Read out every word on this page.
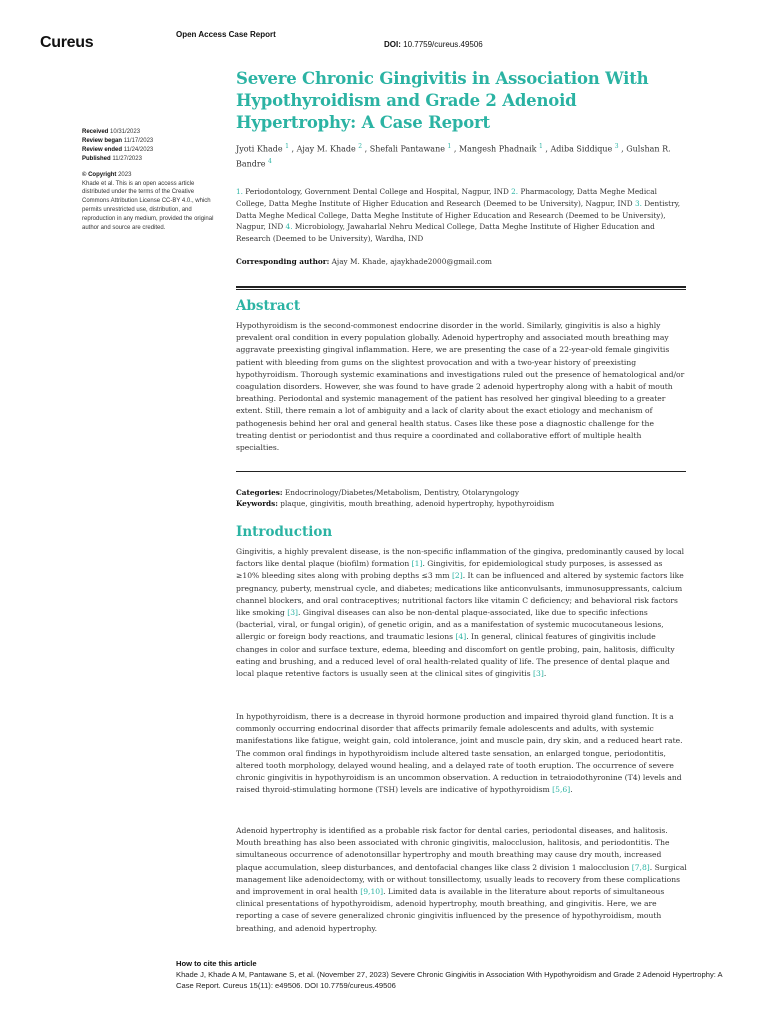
Cureus	Open Access Case Report
DOI: 10.7759/cureus.49506
Received 10/31/2023
Review began 11/17/2023
Review ended 11/24/2023
Published 11/27/2023
© Copyright 2023
Khade et al. This is an open access article distributed under the terms of the Creative Commons Attribution License CC-BY 4.0., which permits unrestricted use, distribution, and reproduction in any medium, provided the original author and source are credited.
Severe Chronic Gingivitis in Association With Hypothyroidism and Grade 2 Adenoid Hypertrophy: A Case Report
Jyoti Khade $^1$ , Ajay M. Khade $^2$ , Shefali Pantawane $^1$ , Mangesh Phadnaik $^1$ , Adiba Siddique $^3$ , Gulshan R. Bandre $^4$
1. Periodontology, Government Dental College and Hospital, Nagpur, IND 2. Pharmacology, Datta Meghe Medical College, Datta Meghe Institute of Higher Education and Research (Deemed to be University), Nagpur, IND 3. Dentistry, Datta Meghe Medical College, Datta Meghe Institute of Higher Education and Research (Deemed to be University), Nagpur, IND 4. Microbiology, Jawaharlal Nehru Medical College, Datta Meghe Institute of Higher Education and Research (Deemed to be University), Wardha, IND
Corresponding author: Ajay M. Khade, ajaykhade2000@gmail.com
Abstract

Hypothyroidism is the second-commonest endocrine disorder in the world. Similarly, gingivitis is also a highly prevalent oral condition in every population globally. Adenoid hypertrophy and associated mouth breathing may aggravate preexisting gingival inflammation. Here, we are presenting the case of a 22-year-old female gingivitis patient with bleeding from gums on the slightest provocation and with a two-year history of preexisting hypothyroidism. Thorough systemic examinations and investigations ruled out the presence of hematological and/or coagulation disorders. However, she was found to have grade 2 adenoid hypertrophy along with a habit of mouth breathing. Periodontal and systemic management of the patient has resolved her gingival bleeding to a greater extent. Still, there remain a lot of ambiguity and a lack of clarity about the exact etiology and mechanism of pathogenesis behind her oral and general health status. Cases like these pose a diagnostic challenge for the treating dentist or periodontist and thus require a coordinated and collaborative effort of multiple health specialties.

Categories: Endocrinology/Diabetes/Metabolism, Dentistry, Otolaryngology
Keywords: plaque, gingivitis, mouth breathing, adenoid hypertrophy, hypothyroidism
Introduction

Gingivitis, a highly prevalent disease, is the non-specific inflammation of the gingiva, predominantly caused by local factors like dental plaque (biofilm) formation [1]. Gingivitis, for epidemiological study purposes, is assessed as ≥10% bleeding sites along with probing depths ≤3 mm [2]. It can be influenced and altered by systemic factors like pregnancy, puberty, menstrual cycle, and diabetes; medications like anticonvulsants, immunosuppressants, calcium channel blockers, and oral contraceptives; nutritional factors like vitamin C deficiency; and behavioral risk factors like smoking [3]. Gingival diseases can also be non-dental plaque-associated, like due to specific infections (bacterial, viral, or fungal origin), of genetic origin, and as a manifestation of systemic mucocutaneous lesions, allergic or foreign body reactions, and traumatic lesions [4]. In general, clinical features of gingivitis include changes in color and surface texture, edema, bleeding and discomfort on gentle probing, pain, halitosis, difficulty eating and brushing, and a reduced level of oral health-related quality of life. The presence of dental plaque and local plaque retentive factors is usually seen at the clinical sites of gingivitis [3].

In hypothyroidism, there is a decrease in thyroid hormone production and impaired thyroid gland function. It is a commonly occurring endocrinal disorder that affects primarily female adolescents and adults, with systemic manifestations like fatigue, weight gain, cold intolerance, joint and muscle pain, dry skin, and a reduced heart rate. The common oral findings in hypothyroidism include altered taste sensation, an enlarged tongue, periodontitis, altered tooth morphology, delayed wound healing, and a delayed rate of tooth eruption. The occurrence of severe chronic gingivitis in hypothyroidism is an uncommon observation. A reduction in tetraiodothyronine (T4) levels and raised thyroid-stimulating hormone (TSH) levels are indicative of hypothyroidism [5,6].

Adenoid hypertrophy is identified as a probable risk factor for dental caries, periodontal diseases, and halitosis. Mouth breathing has also been associated with chronic gingivitis, malocclusion, halitosis, and periodontitis. The simultaneous occurrence of adenotonsillar hypertrophy and mouth breathing may cause dry mouth, increased plaque accumulation, sleep disturbances, and dentofacial changes like class 2 division 1 malocclusion [7,8]. Surgical management like adenoidectomy, with or without tonsillectomy, usually leads to recovery from these complications and improvement in oral health [9,10]. Limited data is available in the literature about reports of simultaneous clinical presentations of hypothyroidism, adenoid hypertrophy, mouth breathing, and gingivitis. Here, we are reporting a case of severe generalized chronic gingivitis influenced by the presence of hypothyroidism, mouth breathing, and adenoid hypertrophy.

How to cite this article
Khade J, Khade A M, Pantawane S, et al. (November 27, 2023) Severe Chronic Gingivitis in Association With Hypothyroidism and Grade 2 Adenoid Hypertrophy: A Case Report. Cureus 15(11): e49506. DOI 10.7759/cureus.49506
